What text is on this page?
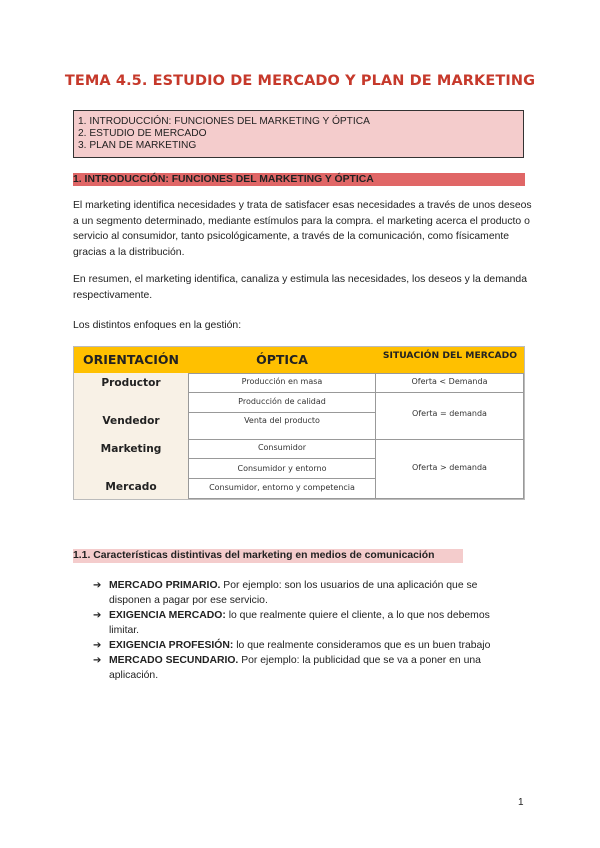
TEMA 4.5. ESTUDIO DE MERCADO Y PLAN DE MARKETING
1. INTRODUCCIÓN: FUNCIONES DEL MARKETING Y ÓPTICA
2. ESTUDIO DE MERCADO
3. PLAN DE MARKETING
1. INTRODUCCIÓN: FUNCIONES DEL MARKETING Y ÓPTICA
El marketing identifica necesidades y trata de satisfacer esas necesidades a través de unos deseos a un segmento determinado, mediante estímulos para la compra. el marketing acerca el producto o servicio al consumidor, tanto psicológicamente, a través de la comunicación, como físicamente gracias a la distribución.
En resumen, el marketing identifica, canaliza y estimula las necesidades, los deseos y la demanda respectivamente.
Los distintos enfoques en la gestión:
ORIENTACIÓN	ÓPTICA	SITUACIÓN DEL MERCADO
Productor
Vendedor
Marketing
Mercado
Producción en masa
Producción de calidad
Venta del producto
Consumidor
Consumidor y entorno
Consumidor, entorno y competencia
Oferta < Demanda
Oferta = demanda
Oferta > demanda
1.1. Características distintivas del marketing en medios de comunicación
➔ MERCADO PRIMARIO. Por ejemplo: son los usuarios de una aplicación que se disponen a pagar por ese servicio.
➔ EXIGENCIA MERCADO: lo que realmente quiere el cliente, a lo que nos debemos limitar.
➔ EXIGENCIA PROFESIÓN: lo que realmente consideramos que es un buen trabajo
➔ MERCADO SECUNDARIO. Por ejemplo: la publicidad que se va a poner en una aplicación.
1
